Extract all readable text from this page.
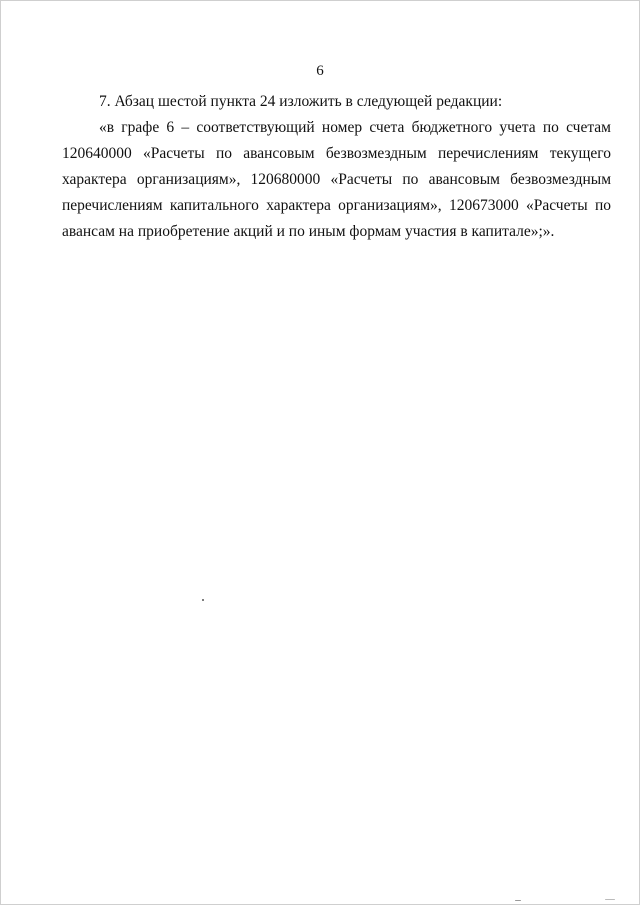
6
7. Абзац шестой пункта 24 изложить в следующей редакции:
«в графе 6 – соответствующий номер счета бюджетного учета по счетам
120640000 «Расчеты по авансовым безвозмездным перечислениям текущего
характера организациям», 120680000 «Расчеты по авансовым безвозмездным
перечислениям капитального характера организациям», 120673000 «Расчеты по
авансам на приобретение акций и по иным формам участия в капитале»;».
